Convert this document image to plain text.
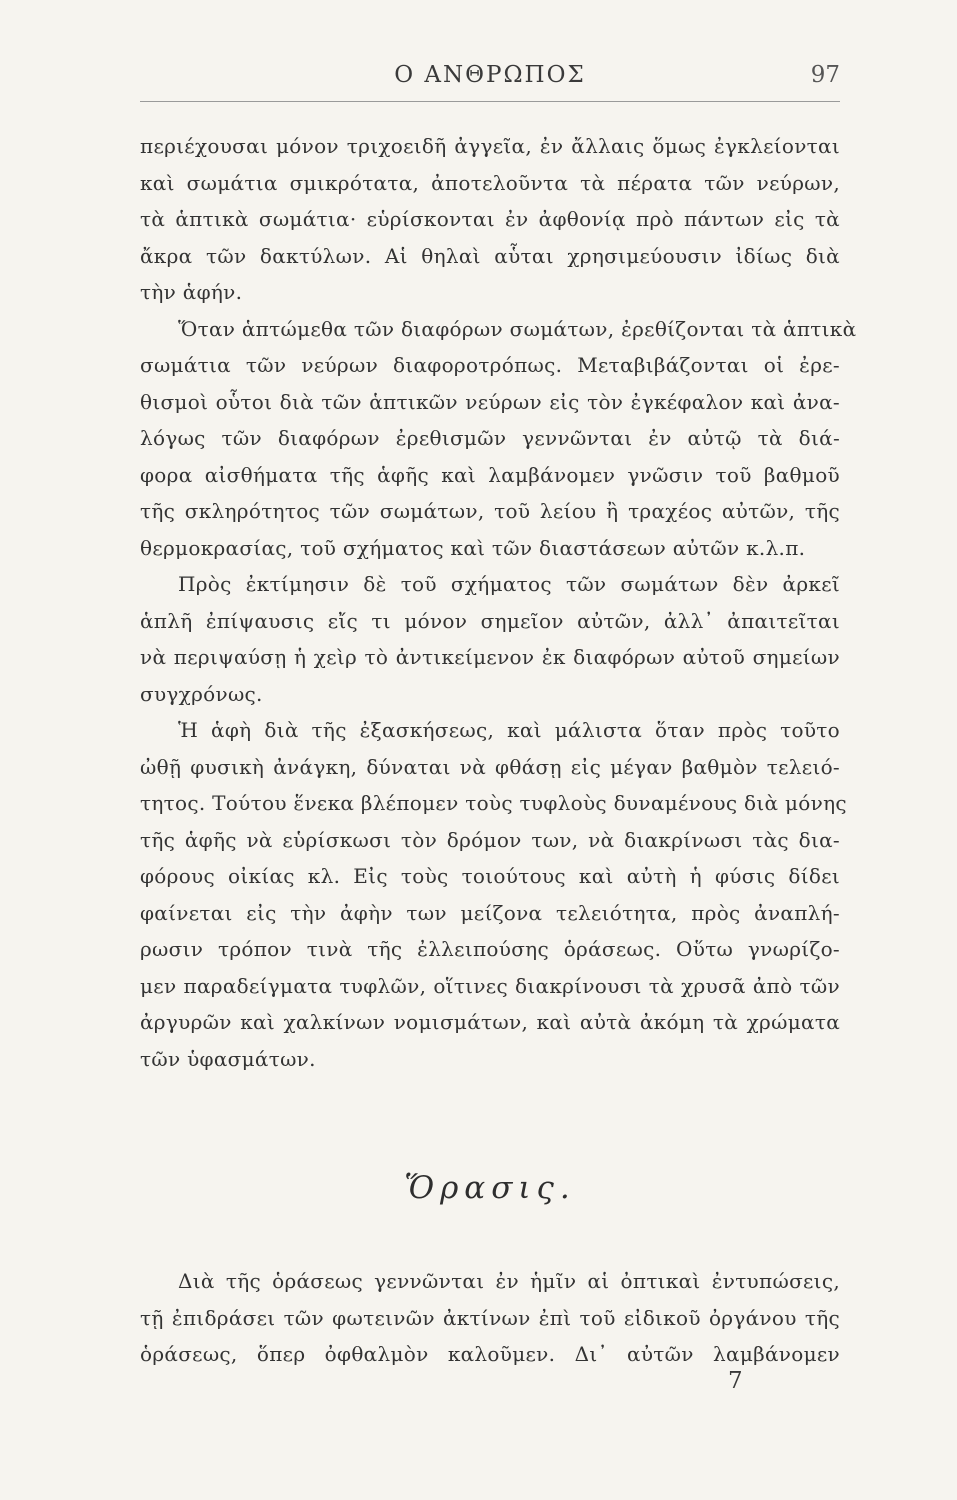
Ο ΑΝΘΡΩΠΟΣ	97
περιέχουσαι μόνον τριχοειδῆ ἀγγεῖα, ἐν ἄλλαις ὅμως ἐγκλείονται
καὶ σωμάτια σμικρότατα, ἀποτελοῦντα τὰ πέρατα τῶν νεύρων,
τὰ ἁπτικὰ σωμάτια· εὑρίσκονται ἐν ἀφθονίᾳ πρὸ πάντων εἰς τὰ
ἄκρα τῶν δακτύλων. Αἱ θηλαὶ αὗται χρησιμεύουσιν ἰδίως διὰ
τὴν ἁφήν.
Ὅταν ἁπτώμεθα τῶν διαφόρων σωμάτων, ἐρεθίζονται τὰ ἁπτικὰ
σωμάτια τῶν νεύρων διαφοροτρόπως. Μεταβιβάζονται οἱ ἐρε-
θισμοὶ οὗτοι διὰ τῶν ἁπτικῶν νεύρων εἰς τὸν ἐγκέφαλον καὶ ἀνα-
λόγως τῶν διαφόρων ἐρεθισμῶν γεννῶνται ἐν αὐτῷ τὰ διά-
φορα αἰσθήματα τῆς ἁφῆς καὶ λαμβάνομεν γνῶσιν τοῦ βαθμοῦ
τῆς σκληρότητος τῶν σωμάτων, τοῦ λείου ἢ τραχέος αὐτῶν, τῆς
θερμοκρασίας, τοῦ σχήματος καὶ τῶν διαστάσεων αὐτῶν κ.λ.π.
Πρὸς ἐκτίμησιν δὲ τοῦ σχήματος τῶν σωμάτων δὲν ἀρκεῖ
ἁπλῆ ἐπίψαυσις εἴς τι μόνον σημεῖον αὐτῶν, ἀλλ᾽ ἀπαιτεῖται
νὰ περιψαύσῃ ἡ χεὶρ τὸ ἀντικείμενον ἐκ διαφόρων αὐτοῦ σημείων
συγχρόνως.
Ἡ ἁφὴ διὰ τῆς ἐξασκήσεως, καὶ μάλιστα ὅταν πρὸς τοῦτο
ὠθῇ φυσικὴ ἀνάγκη, δύναται νὰ φθάσῃ εἰς μέγαν βαθμὸν τελειό-
τητος. Τούτου ἕνεκα βλέπομεν τοὺς τυφλοὺς δυναμένους διὰ μόνης
τῆς ἁφῆς νὰ εὑρίσκωσι τὸν δρόμον των, νὰ διακρίνωσι τὰς δια-
φόρους οἰκίας κλ. Εἰς τοὺς τοιούτους καὶ αὐτὴ ἡ φύσις δίδει
φαίνεται εἰς τὴν ἀφὴν των μείζονα τελειότητα, πρὸς ἀναπλή-
ρωσιν τρόπον τινὰ τῆς ἐλλειπούσης ὁράσεως. Οὕτω γνωρίζο-
μεν παραδείγματα τυφλῶν, οἵτινες διακρίνουσι τὰ χρυσᾶ ἀπὸ τῶν
ἀργυρῶν καὶ χαλκίνων νομισμάτων, καὶ αὐτὰ ἀκόμη τὰ χρώματα
τῶν ὑφασμάτων.
Ὅρασις.
Διὰ τῆς ὁράσεως γεννῶνται ἐν ἡμῖν αἱ ὀπτικαὶ ἐντυπώσεις,
τῇ ἐπιδράσει τῶν φωτεινῶν ἀκτίνων ἐπὶ τοῦ εἰδικοῦ ὀργάνου τῆς
ὁράσεως, ὅπερ ὀφθαλμὸν καλοῦμεν. Δι᾽ αὐτῶν λαμβάνομεν
7
